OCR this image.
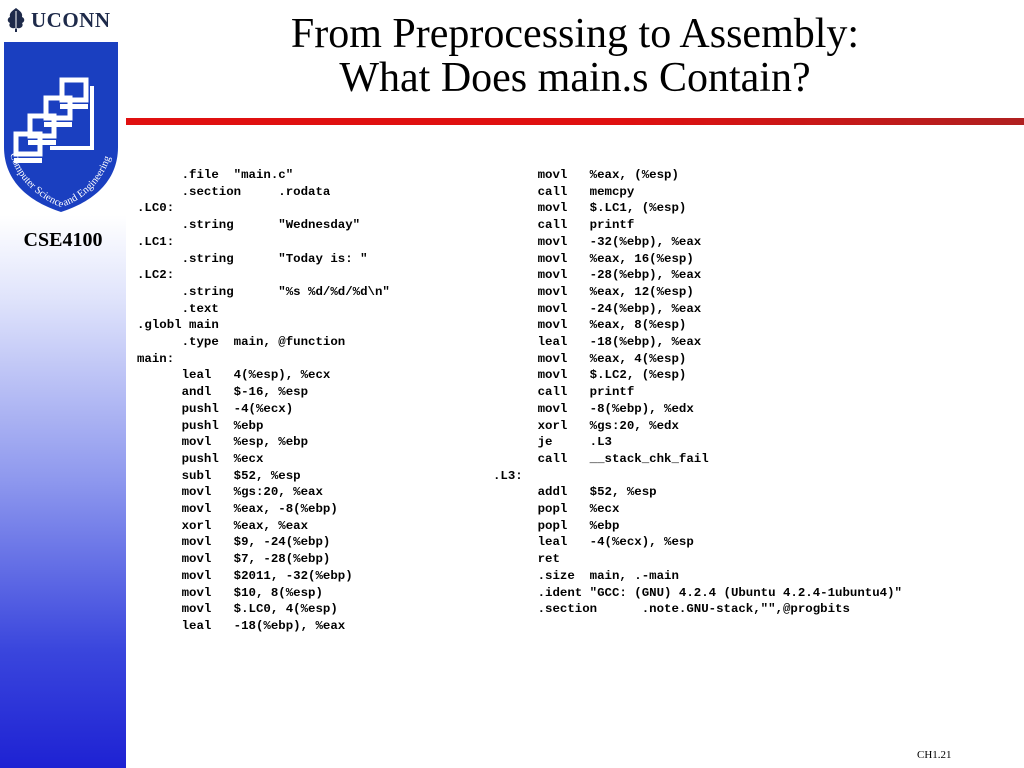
UCONN
Computer Science and Engineering
CSE4100
From Preprocessing to Assembly:
What Does main.s Contain?
.file  "main.c"
.section     .rodata
.LC0:
.string      "Wednesday"
.LC1:
.string      "Today is: "
.LC2:
.string      "%s %d/%d/%d\n"
.text
.globl main
.type  main, @function
main:
leal   4(%esp), %ecx
andl   $-16, %esp
pushl  -4(%ecx)
pushl  %ebp
movl   %esp, %ebp
pushl  %ecx
subl   $52, %esp
movl   %gs:20, %eax
movl   %eax, -8(%ebp)
xorl   %eax, %eax
movl   $9, -24(%ebp)
movl   $7, -28(%ebp)
movl   $2011, -32(%ebp)
movl   $10, 8(%esp)
movl   $.LC0, 4(%esp)
leal   -18(%ebp), %eax
movl   %eax, (%esp)
call   memcpy
movl   $.LC1, (%esp)
call   printf
movl   -32(%ebp), %eax
movl   %eax, 16(%esp)
movl   -28(%ebp), %eax
movl   %eax, 12(%esp)
movl   -24(%ebp), %eax
movl   %eax, 8(%esp)
leal   -18(%ebp), %eax
movl   %eax, 4(%esp)
movl   $.LC2, (%esp)
call   printf
movl   -8(%ebp), %edx
xorl   %gs:20, %edx
je     .L3
call   __stack_chk_fail
.L3:
addl   $52, %esp
popl   %ecx
popl   %ebp
leal   -4(%ecx), %esp
ret
.size  main, .-main
.ident "GCC: (GNU) 4.2.4 (Ubuntu 4.2.4-1ubuntu4)"
.section      .note.GNU-stack,"",@progbits
CH1.21
